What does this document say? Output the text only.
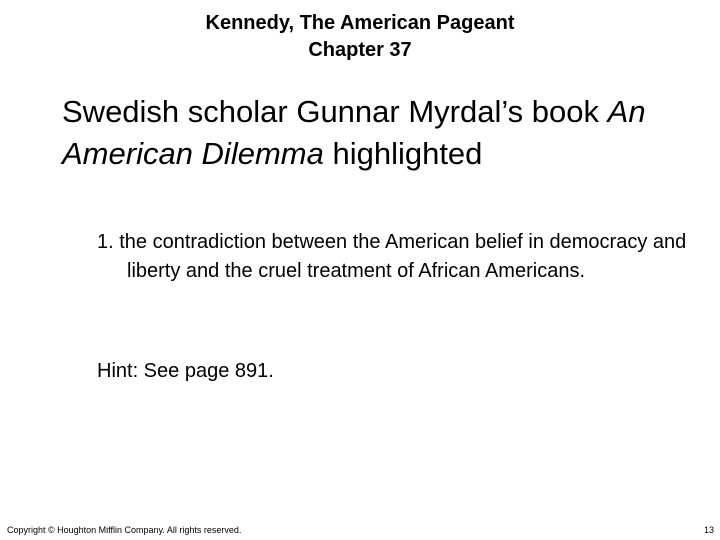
Kennedy, The American Pageant
Chapter 37

Swedish scholar Gunnar Myrdal’s book An American Dilemma highlighted

1. the contradiction between the American belief in democracy and liberty and the cruel treatment of African Americans.
Hint: See page 891.
Copyright © Houghton Mifflin Company. All rights reserved.	13
